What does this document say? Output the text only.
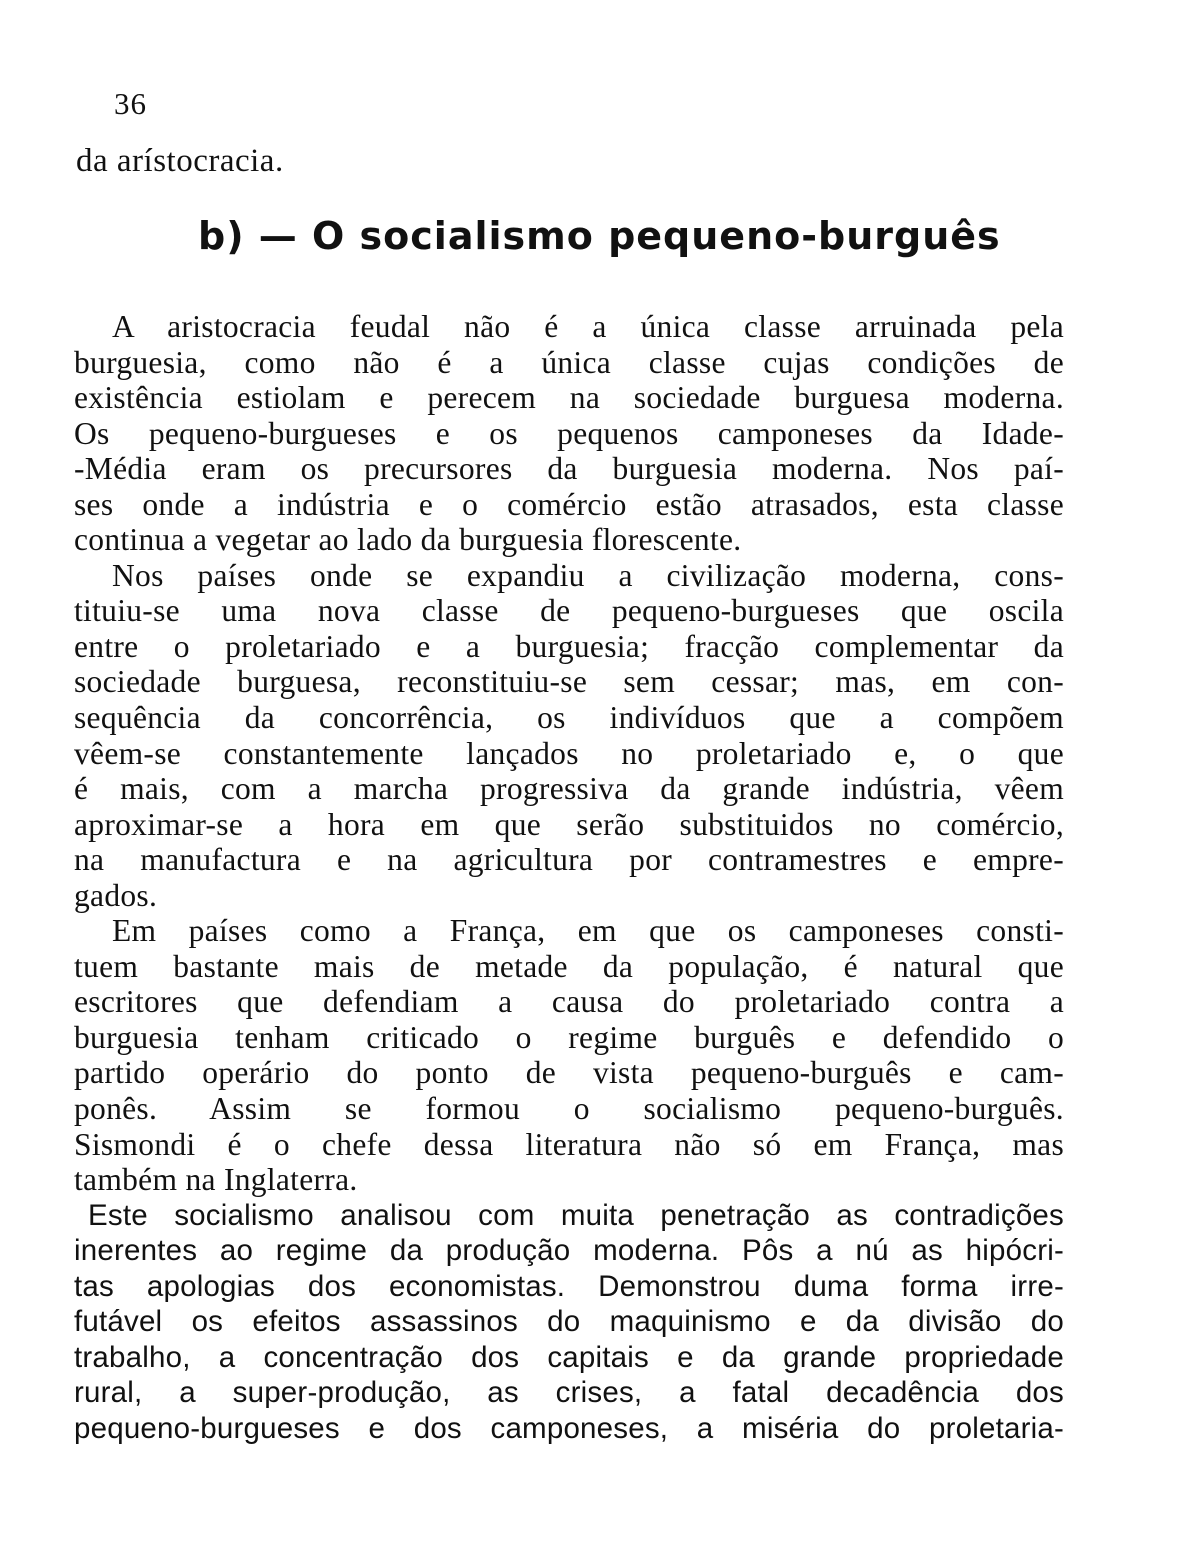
36
da arístocracia.
b) — O socialismo pequeno-burguês
A aristocracia feudal não é a única classe arruinada pela
burguesia, como não é a única classe cujas condições de
existência estiolam e perecem na sociedade burguesa moderna.
Os pequeno-burgueses e os pequenos camponeses da Idade-
-Média eram os precursores da burguesia moderna. Nos paí-
ses onde a indústria e o comércio estão atrasados, esta classe
continua a vegetar ao lado da burguesia florescente.
Nos países onde se expandiu a civilização moderna, cons-
tituiu-se uma nova classe de pequeno-burgueses que oscila
entre o proletariado e a burguesia; fracção complementar da
sociedade burguesa, reconstituiu-se sem cessar; mas, em con-
sequência da concorrência, os indivíduos que a compõem
vêem-se constantemente lançados no proletariado e, o que
é mais, com a marcha progressiva da grande indústria, vêem
aproximar-se a hora em que serão substituidos no comércio,
na manufactura e na agricultura por contramestres e empre-
gados.
Em países como a França, em que os camponeses consti-
tuem bastante mais de metade da população, é natural que
escritores que defendiam a causa do proletariado contra a
burguesia tenham criticado o regime burguês e defendido o
partido operário do ponto de vista pequeno-burguês e cam-
ponês. Assim se formou o socialismo pequeno-burguês.
Sismondi é o chefe dessa literatura não só em França, mas
também na Inglaterra.
Este socialismo analisou com muita penetração as contradições
inerentes ao regime da produção moderna. Pôs a nú as hipócri-
tas apologias dos economistas. Demonstrou duma forma irre-
futável os efeitos assassinos do maquinismo e da divisão do
trabalho, a concentração dos capitais e da grande propriedade
rural, a super-produção, as crises, a fatal decadência dos
pequeno-burgueses e dos camponeses, a miséria do proletaria-
